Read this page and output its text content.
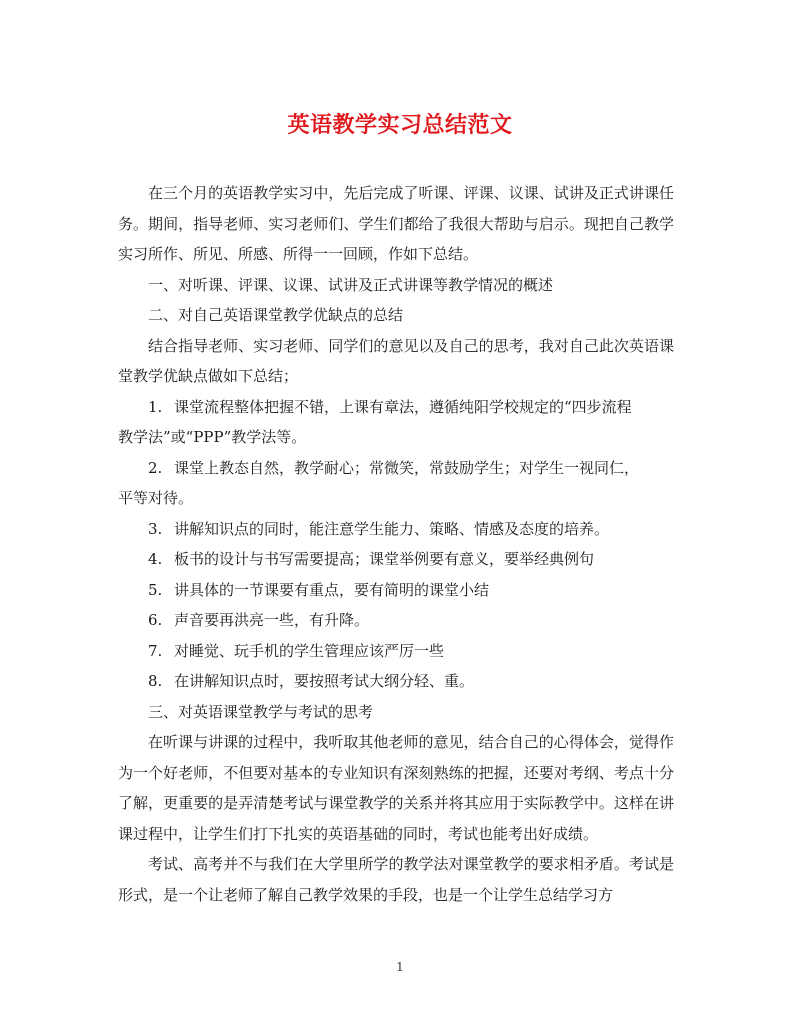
英语教学实习总结范文

在三个月的英语教学实习中，先后完成了听课、评课、议课、试讲及正式讲课任务。期间，指导老师、实习老师们、学生们都给了我很大帮助与启示。现把自己教学实习所作、所见、所感、所得一一回顾，作如下总结。

一、对听课、评课、议课、试讲及正式讲课等教学情况的概述

二、对自己英语课堂教学优缺点的总结

结合指导老师、实习老师、同学们的意见以及自己的思考，我对自己此次英语课堂教学优缺点做如下总结；

1. 课堂流程整体把握不错，上课有章法，遵循纯阳学校规定的“四步流程
教学法”或“PPP”教学法等。

2. 课堂上教态自然，教学耐心；常微笑，常鼓励学生；对学生一视同仁，
平等对待。

3. 讲解知识点的同时，能注意学生能力、策略、情感及态度的培养。

4. 板书的设计与书写需要提高；课堂举例要有意义，要举经典例句

5. 讲具体的一节课要有重点，要有简明的课堂小结

6. 声音要再洪亮一些，有升降。

7. 对睡觉、玩手机的学生管理应该严厉一些

8. 在讲解知识点时，要按照考试大纲分轻、重。

三、对英语课堂教学与考试的思考

在听课与讲课的过程中，我听取其他老师的意见，结合自己的心得体会，觉得作为一个好老师，不但要对基本的专业知识有深刻熟练的把握，还要对考纲、考点十分了解，更重要的是弄清楚考试与课堂教学的关系并将其应用于实际教学中。这样在讲课过程中，让学生们打下扎实的英语基础的同时，考试也能考出好成绩。

考试、高考并不与我们在大学里所学的教学法对课堂教学的要求相矛盾。考试是形式，是一个让老师了解自己教学效果的手段，也是一个让学生总结学习方

1
